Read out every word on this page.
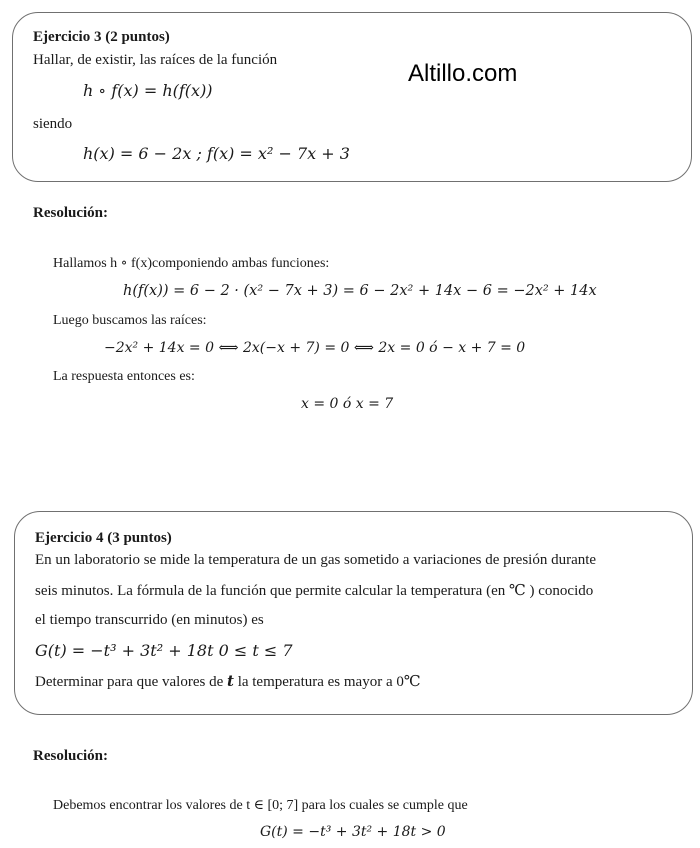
Altillo.com
Ejercicio 3 (2 puntos)
Hallar, de existir, las raíces de la función
h ∘ f(x) = h(f(x))
siendo
h(x) = 6 − 2x ; f(x) = x² − 7x + 3
Resolución:
Hallamos h ∘ f(x)componiendo ambas funciones:
h(f(x)) = 6 − 2 · (x² − 7x + 3) = 6 − 2x² + 14x − 6 = −2x² + 14x
Luego buscamos las raíces:
−2x² + 14x = 0 ⟺ 2x(−x + 7) = 0 ⟺ 2x = 0 ó − x + 7 = 0
La respuesta entonces es:
x = 0 ó x = 7
Ejercicio 4 (3 puntos)
En un laboratorio se mide la temperatura de un gas sometido a variaciones de presión durante
seis minutos. La fórmula de la función que permite calcular la temperatura (en ℃ ) conocido
el tiempo transcurrido (en minutos) es
G(t) = −t³ + 3t² + 18t 0 ≤ t ≤ 7
Determinar para que valores de t la temperatura es mayor a 0℃
Resolución:
Debemos encontrar los valores de t ∈ [0; 7] para los cuales se cumple que
G(t) = −t³ + 3t² + 18t > 0
